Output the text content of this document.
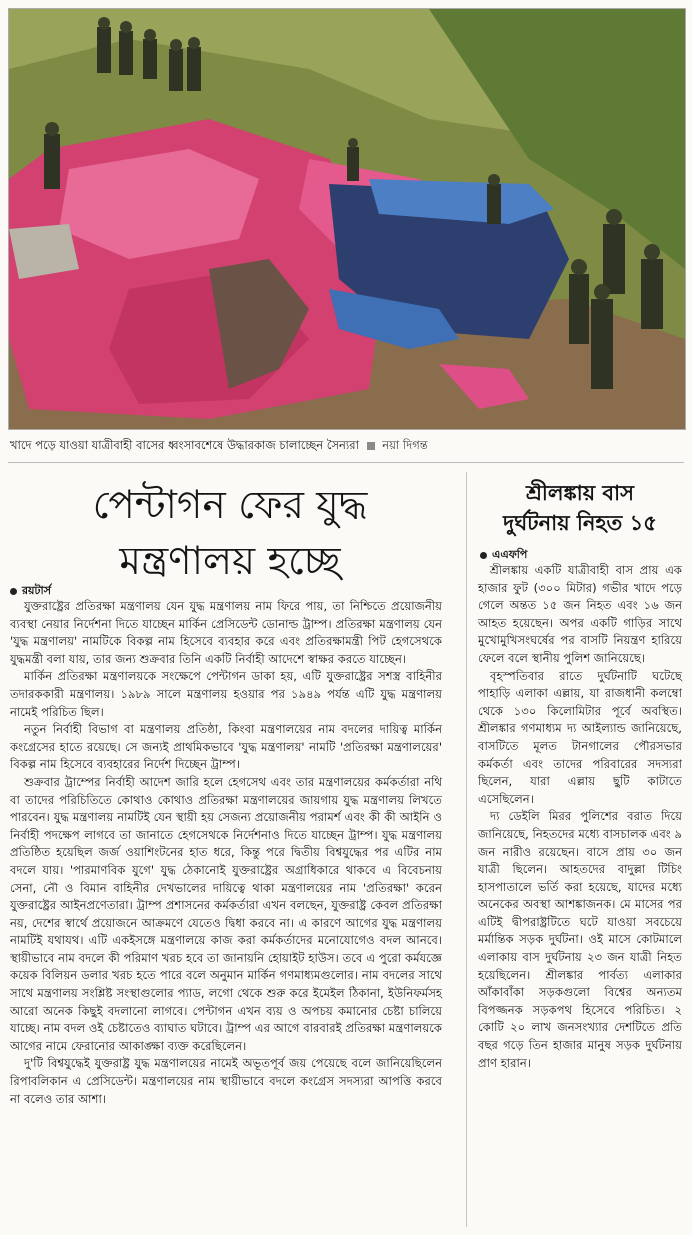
খাদে পড়ে যাওয়া যাত্রীবাহী বাসের ধ্বংসাবশেষে উদ্ধারকাজ চালাচ্ছেন সৈন্যরা নয়া দিগন্ত
পেন্টাগন ফের যুদ্ধ
মন্ত্রণালয় হচ্ছে
রয়টার্স

যুক্তরাষ্ট্রের প্রতিরক্ষা মন্ত্রণালয় যেন যুদ্ধ মন্ত্রণালয় নাম ফিরে পায়, তা নিশ্চিতে প্রয়োজনীয় ব্যবস্থা নেয়ার নির্দেশনা দিতে যাচ্ছেন মার্কিন প্রেসিডেন্ট ডোনাল্ড ট্রাম্প। প্রতিরক্ষা মন্ত্রণালয় যেন 'যুদ্ধ মন্ত্রণালয়' নামটিকে বিকল্প নাম হিসেবে ব্যবহার করে এবং প্রতিরক্ষামন্ত্রী পিট হেগসেথকে যুদ্ধমন্ত্রী বলা যায়, তার জন্য শুক্রবার তিনি একটি নির্বাহী আদেশে স্বাক্ষর করতে যাচ্ছেন।

মার্কিন প্রতিরক্ষা মন্ত্রণালয়কে সংক্ষেপে পেন্টাগন ডাকা হয়, এটি যুক্তরাষ্ট্রের সশস্ত্র বাহিনীর তদারককারী মন্ত্রণালয়। ১৯৮৯ সালে মন্ত্রণালয় হওয়ার পর ১৯৪৯ পর্যন্ত এটি যুদ্ধ মন্ত্রণালয় নামেই পরিচিত ছিল।

নতুন নির্বাহী বিভাগ বা মন্ত্রণালয় প্রতিষ্ঠা, কিংবা মন্ত্রণালয়ের নাম বদলের দায়িত্ব মার্কিন কংগ্রেসের হাতে রয়েছে। সে জন্যই প্রাথমিকভাবে 'যুদ্ধ মন্ত্রণালয়' নামটি 'প্রতিরক্ষা মন্ত্রণালয়ের' বিকল্প নাম হিসেবে ব্যবহারের নির্দেশ দিচ্ছেন ট্রাম্প।

শুক্রবার ট্রাম্পের নির্বাহী আদেশ জারি হলে হেগসেথ এবং তার মন্ত্রণালয়ের কর্মকর্তারা নথি বা তাদের পরিচিতিতে কোথাও কোথাও প্রতিরক্ষা মন্ত্রণালয়ের জায়গায় যুদ্ধ মন্ত্রণালয় লিখতে পারবেন। যুদ্ধ মন্ত্রণালয় নামটিই যেন স্থায়ী হয় সেজন্য প্রয়োজনীয় পরামর্শ এবং কী কী আইনি ও নির্বাহী পদক্ষেপ লাগবে তা জানাতে হেগসেথকে নির্দেশনাও দিতে যাচ্ছেন ট্রাম্প। যুদ্ধ মন্ত্রণালয় প্রতিষ্ঠিত হয়েছিল জর্জ ওয়াশিংটনের হাত ধরে, কিন্তু পরে দ্বিতীয় বিশ্বযুদ্ধের পর এটির নাম বদলে যায়। 'পারমাণবিক যুগে' যুদ্ধ ঠেকানোই যুক্তরাষ্ট্রের অগ্রাধিকারে থাকবে এ বিবেচনায় সেনা, নৌ ও বিমান বাহিনীর দেখভালের দায়িত্বে থাকা মন্ত্রণালয়ের নাম 'প্রতিরক্ষা' করেন যুক্তরাষ্ট্রের আইনপ্রণেতারা। ট্রাম্প প্রশাসনের কর্মকর্তারা এখন বলছেন, যুক্তরাষ্ট্র কেবল প্রতিরক্ষা নয়, দেশের স্বার্থে প্রয়োজনে আক্রমণে যেতেও দ্বিধা করবে না। এ কারণে আগের যুদ্ধ মন্ত্রণালয় নামটিই যথাযথ। এটি একইসঙ্গে মন্ত্রণালয়ে কাজ করা কর্মকর্তাদের মনোযোগেও বদল আনবে। স্থায়ীভাবে নাম বদলে কী পরিমাণ খরচ হবে তা জানায়নি হোয়াইট হাউস। তবে এ পুরো কর্মযজ্ঞে কয়েক বিলিয়ন ডলার খরচ হতে পারে বলে অনুমান মার্কিন গণমাধ্যমগুলোর। নাম বদলের সাথে সাথে মন্ত্রণালয় সংশ্লিষ্ট সংস্থাগুলোর প্যাড, লগো থেকে শুরু করে ইমেইল ঠিকানা, ইউনিফর্মসহ আরো অনেক কিছুই বদলানো লাগবে। পেন্টাগন এখন ব্যয় ও অপচয় কমানোর চেষ্টা চালিয়ে যাচ্ছে। নাম বদল ওই চেষ্টাতেও ব্যাঘাত ঘটাবে। ট্রাম্প এর আগে বারবারই প্রতিরক্ষা মন্ত্রণালয়কে আগের নামে ফেরানোর আকাঙ্ক্ষা ব্যক্ত করেছিলেন।

দু'টি বিশ্বযুদ্ধেই যুক্তরাষ্ট্র যুদ্ধ মন্ত্রণালয়ের নামেই অভূতপূর্ব জয় পেয়েছে বলে জানিয়েছিলেন রিপাবলিকান এ প্রেসিডেন্ট। মন্ত্রণালয়ের নাম স্থায়ীভাবে বদলে কংগ্রেস সদস্যরা আপত্তি করবে না বলেও তার আশা।

শ্রীলঙ্কায় বাস
দুর্ঘটনায় নিহত ১৫
এএফপি

শ্রীলঙ্কায় একটি যাত্রীবাহী বাস প্রায় এক হাজার ফুট (৩০০ মিটার) গভীর খাদে পড়ে গেলে অন্তত ১৫ জন নিহত এবং ১৬ জন আহত হয়েছেন। অপর একটি গাড়ির সাথে মুখোমুখিসংঘর্ষের পর বাসটি নিয়ন্ত্রণ হারিয়ে ফেলে বলে স্থানীয় পুলিশ জানিয়েছে।

বৃহস্পতিবার রাতে দুর্ঘটনাটি ঘটেছে পাহাড়ি এলাকা এল্লায়, যা রাজধানী কলম্বো থেকে ১৩০ কিলোমিটার পূর্বে অবস্থিত। শ্রীলঙ্কার গণমাধ্যম দ্য আইল্যান্ড জানিয়েছে, বাসটিতে মূলত টানগালের পৌরসভার কর্মকর্তা এবং তাদের পরিবারের সদস্যরা ছিলেন, যারা এল্লায় ছুটি কাটাতে এসেছিলেন।

দ্য ডেইলি মিরর পুলিশের বরাত দিয়ে জানিয়েছে, নিহতদের মধ্যে বাসচালক এবং ৯ জন নারীও রয়েছেন। বাসে প্রায় ৩০ জন যাত্রী ছিলেন। আহতদের বাদুল্লা টিচিং হাসপাতালে ভর্তি করা হয়েছে, যাদের মধ্যে অনেকের অবস্থা আশঙ্কাজনক। মে মাসের পর এটিই দ্বীপরাষ্ট্রটিতে ঘটে যাওয়া সবচেয়ে মর্মান্তিক সড়ক দুর্ঘটনা। ওই মাসে কোটমালে এলাকায় বাস দুর্ঘটনায় ২৩ জন যাত্রী নিহত হয়েছিলেন। শ্রীলঙ্কার পার্বত্য এলাকার আঁকাবাঁকা সড়কগুলো বিশ্বের অন্যতম বিপজ্জনক সড়কপথ হিসেবে পরিচিত। ২ কোটি ২০ লাখ জনসংখ্যার দেশটিতে প্রতি বছর গড়ে তিন হাজার মানুষ সড়ক দুর্ঘটনায় প্রাণ হারান।
